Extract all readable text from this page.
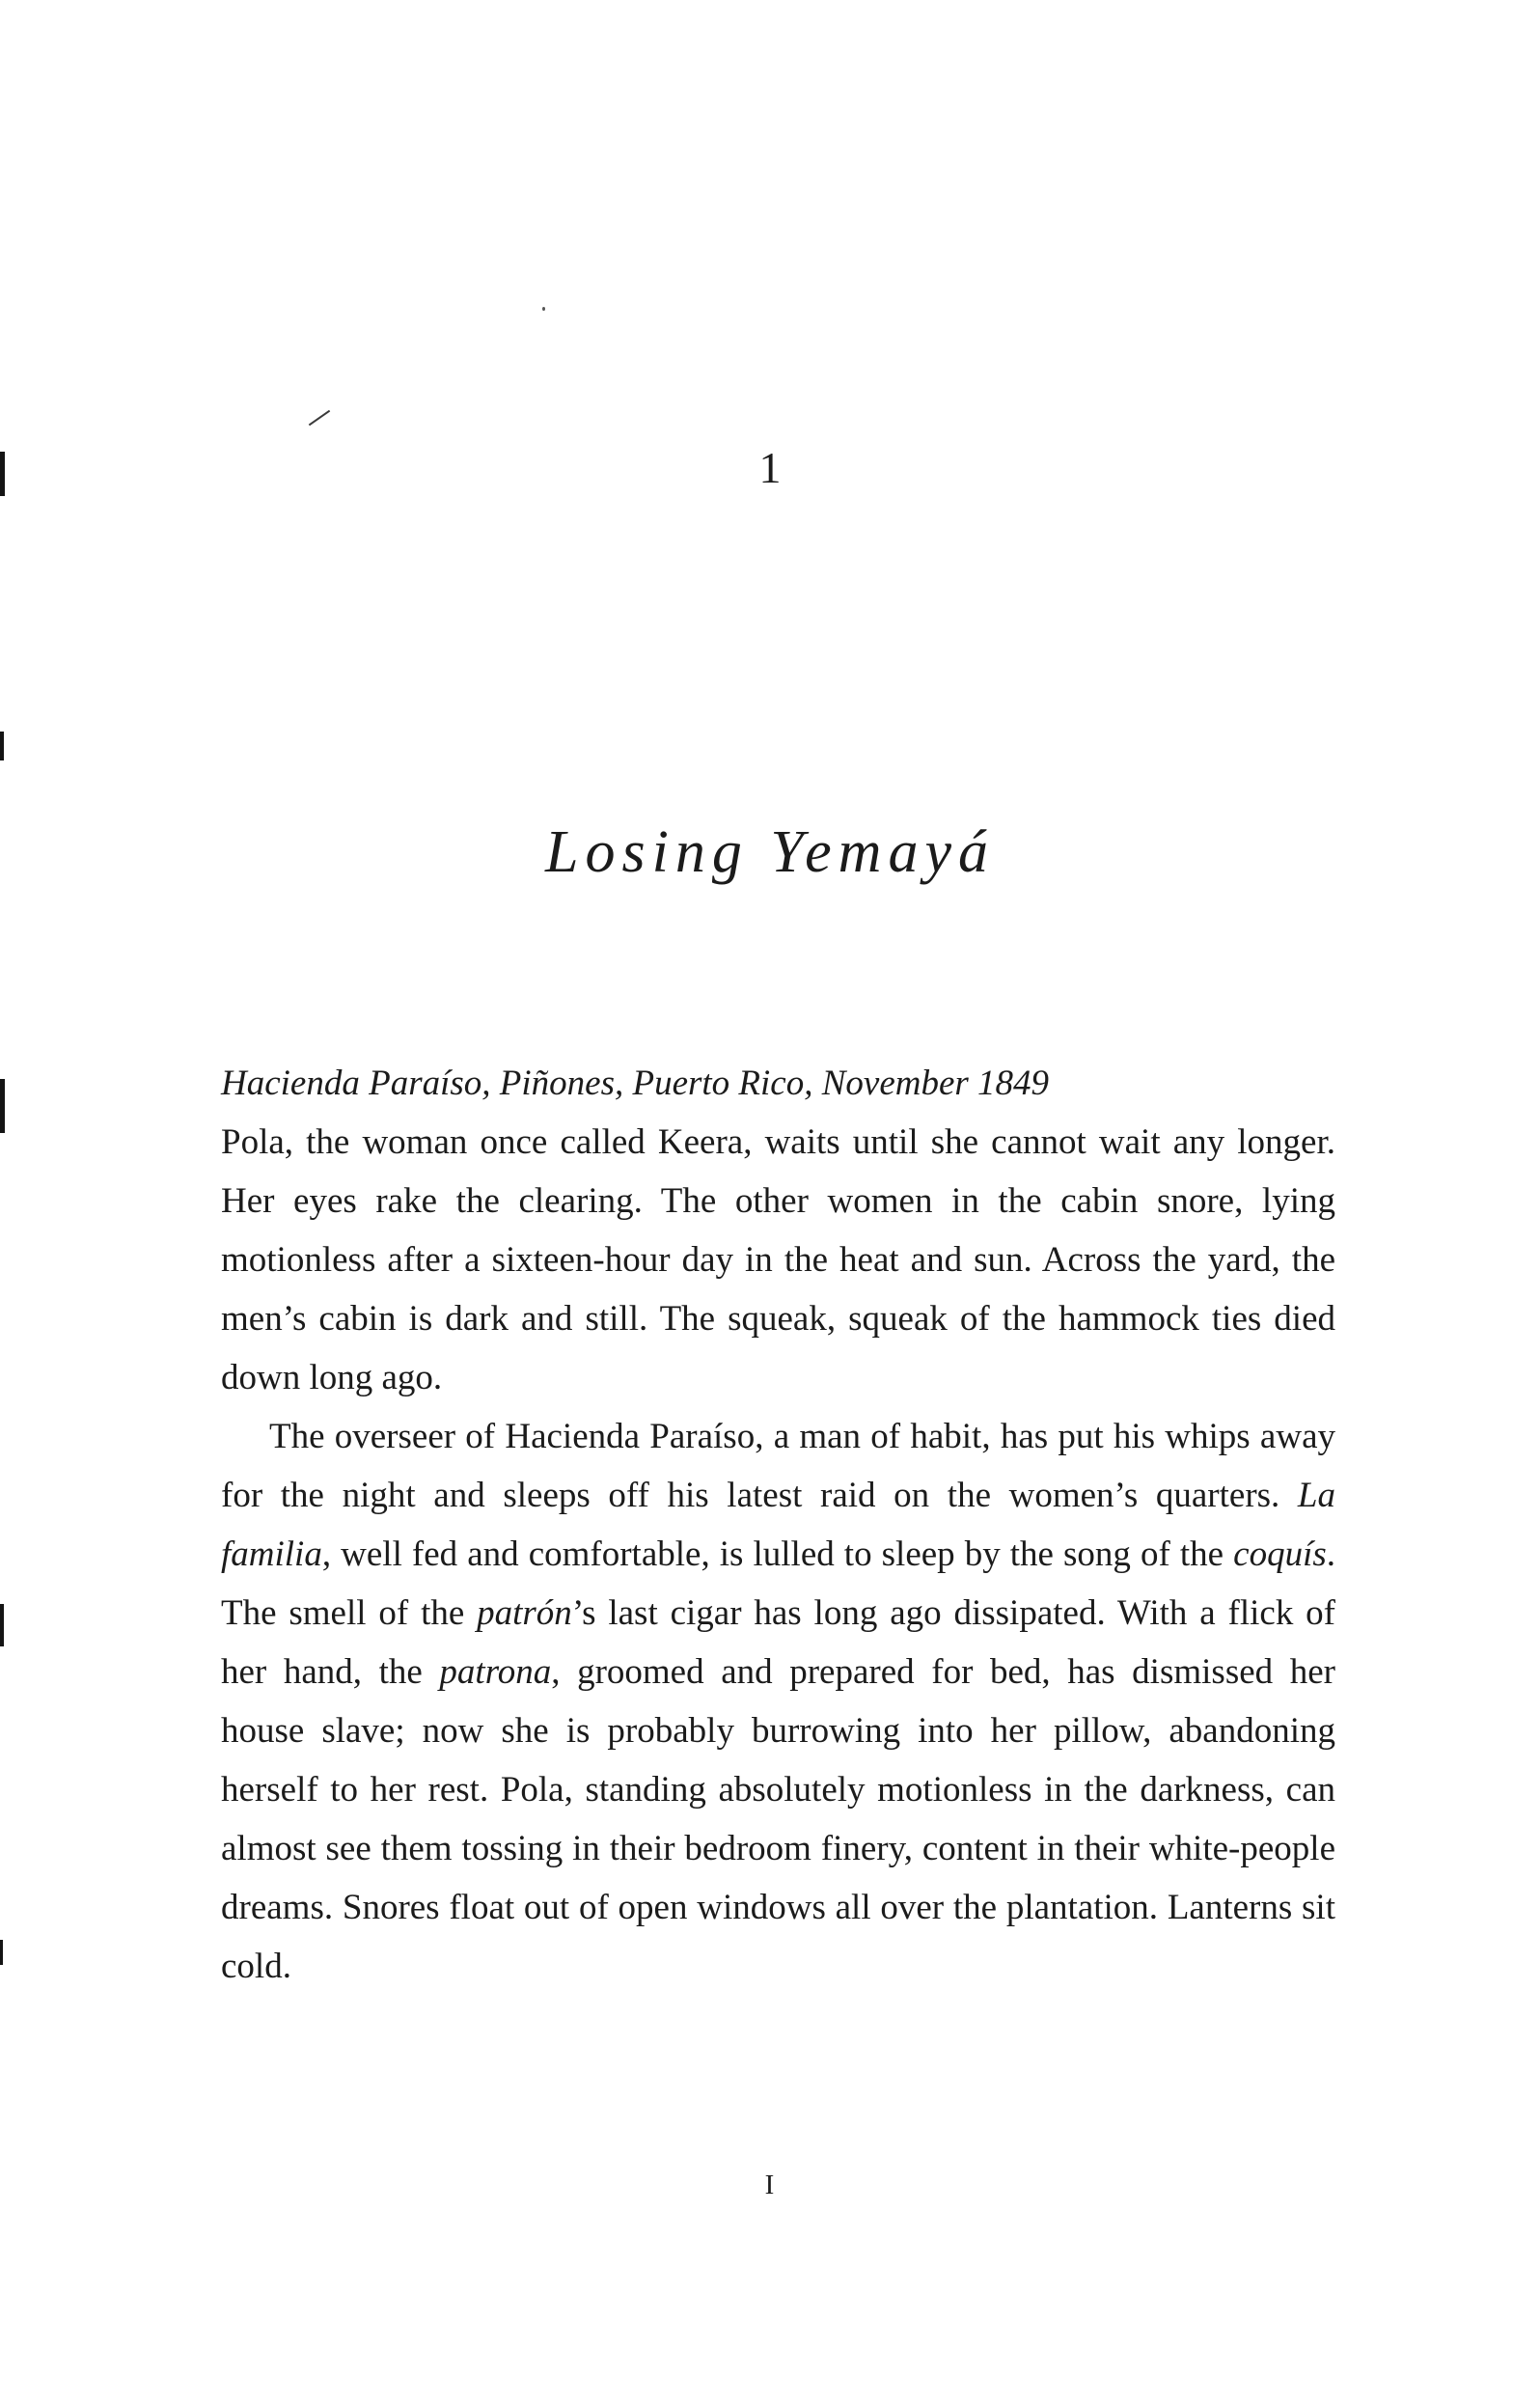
1
Losing Yemayá

Hacienda Paraíso, Piñones, Puerto Rico, November 1849

Pola, the woman once called Keera, waits until she cannot wait any longer. Her eyes rake the clearing. The other women in the cabin snore, lying motionless after a sixteen-hour day in the heat and sun. Across the yard, the men’s cabin is dark and still. The squeak, squeak of the hammock ties died down long ago.

The overseer of Hacienda Paraíso, a man of habit, has put his whips away for the night and sleeps off his latest raid on the women’s quarters. La familia, well fed and comfortable, is lulled to sleep by the song of the coquís. The smell of the patrón’s last cigar has long ago dissipated. With a flick of her hand, the patrona, groomed and prepared for bed, has dismissed her house slave; now she is probably burrowing into her pillow, abandoning herself to her rest. Pola, standing absolutely motionless in the darkness, can almost see them tossing in their bedroom finery, content in their white-people dreams. Snores float out of open windows all over the plantation. Lanterns sit cold.

I
